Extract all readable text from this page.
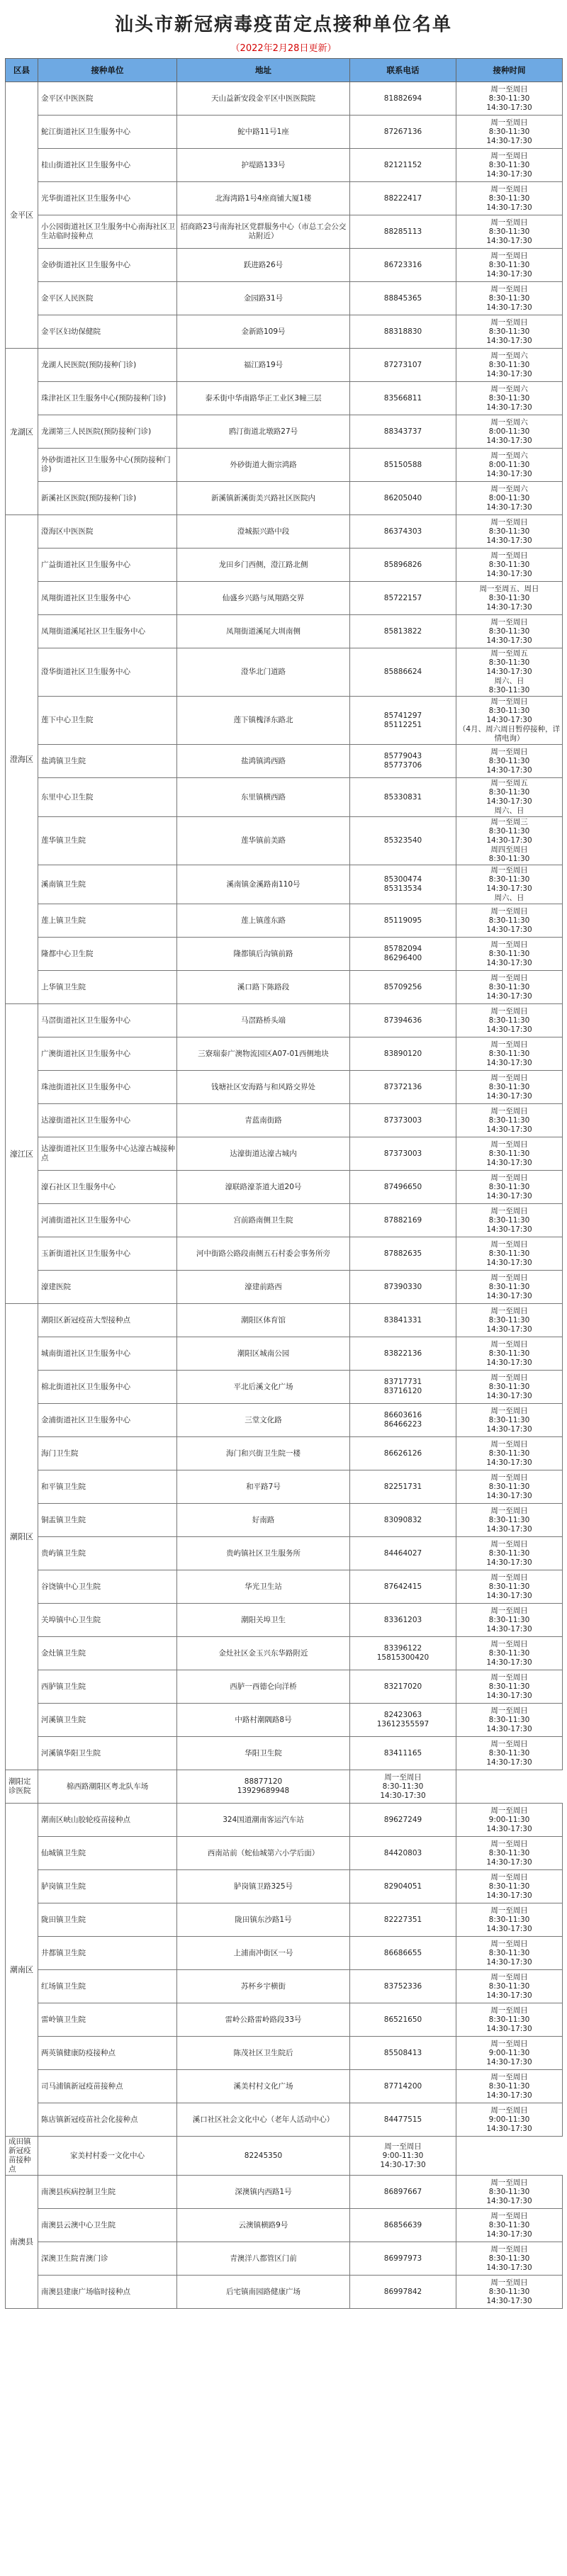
汕头市新冠病毒疫苗定点接种单位名单
（2022年2月28日更新）
区县	接种单位	地址	联系电话	接种时间
金平区	金平区中医医院	天山益新安段金平区中医医院院	81882694	周一至周日
8:30-11:30
14:30-17:30
	鮀江街道社区卫生服务中心	鮀中路11号1座	87267136	周一至周日
8:30-11:30
14:30-17:30
	桂山街道社区卫生服务中心	护堤路133号	82121152	周一至周日
8:30-11:30
14:30-17:30
	光华街道社区卫生服务中心	北海湾路1号4座商铺大厦1楼	88222417	周一至周日
8:30-11:30
14:30-17:30
	小公园街道社区卫生服务中心南海社区卫生站临时接种点	招商路23号南海社区党群服务中心（市总工会公交站附近）	88285113	周一至周日
8:30-11:30
14:30-17:30
	金砂街道社区卫生服务中心	跃进路26号	86723316	周一至周日
8:30-11:30
14:30-17:30
	金平区人民医院	金园路31号	88845365	周一至周日
8:30-11:30
14:30-17:30
	金平区妇幼保健院	金新路109号	88318830	周一至周日
8:30-11:30
14:30-17:30
龙湖区	龙湖人民医院(预防接种门诊)	福江路19号	87273107	周一至周六
8:30-11:30
14:30-17:30
	珠津社区卫生服务中心(预防接种门诊)	泰禾街中华南路华正工业区3幢三层	83566811	周一至周六
8:30-11:30
14:30-17:30
	龙湖第三人民医院(预防接种门诊)	鸥汀街道北墩路27号	88343737	周一至周六
8:00-11:30
14:30-17:30
	外砂街道社区卫生服务中心(预防接种门诊)	外砂街道大衙宗鸿路	85150588	周一至周六
8:00-11:30
14:30-17:30
	新溪社区医院(预防接种门诊)	新溪镇新溪街美兴路社区医院内	86205040	周一至周六
8:00-11:30
14:30-17:30
澄海区	澄海区中医医院	澄城振兴路中段	86374303	周一至周日
8:30-11:30
14:30-17:30
	广益街道社区卫生服务中心	龙田乡门西侧，澄江路北侧	85896826	周一至周日
8:30-11:30
14:30-17:30
	凤翔街道社区卫生服务中心	仙盛乡兴路与凤翔路交界	85722157	周一至周五、周日
8:30-11:30
14:30-17:30
	凤翔街道溪尾社区卫生服务中心	凤翔街道溪尾大圳南侧	85813822	周一至周日
8:30-11:30
14:30-17:30
	澄华街道社区卫生服务中心	澄华北门道路	85886624	周一至周五
8:30-11:30
14:30-17:30
周六、日
8:30-11:30
	莲下中心卫生院	莲下镇槐泽东路北	85741297
85112251	周一至周日
8:30-11:30
14:30-17:30
（4月、周六周日暂停接种，详情电询）
	盐鸿镇卫生院	盐鸿镇鸿西路	85779043
85773706	周一至周日
8:30-11:30
14:30-17:30
	东里中心卫生院	东里镇横西路	85330831	周一至周五
8:30-11:30
14:30-17:30
周六、日
	莲华镇卫生院	莲华镇前美路	85323540	周一至周三
8:30-11:30
14:30-17:30
周四至周日
8:30-11:30
	溪南镇卫生院	溪南镇金溪路南110号	85300474
85313534	周一至周日
8:30-11:30
14:30-17:30
周六、日
	莲上镇卫生院	莲上镇莲东路	85119095	周一至周日
8:30-11:30
14:30-17:30
	隆都中心卫生院	隆都镇后沟镇前路	85782094
86296400	周一至周日
8:30-11:30
14:30-17:30
	上华镇卫生院	溪口路下陈路段	85709256	周一至周日
8:30-11:30
14:30-17:30
濠江区	马滘街道社区卫生服务中心	马滘路桥头端	87394636	周一至周日
8:30-11:30
14:30-17:30
	广澳街道社区卫生服务中心	三寮瑞泰广澳物流园区A07-01西侧地块	83890120	周一至周日
8:30-11:30
14:30-17:30
	珠池街道社区卫生服务中心	钱塘社区安海路与和风路交界处	87372136	周一至周日
8:30-11:30
14:30-17:30
	达濠街道社区卫生服务中心	青蓝南街路	87373003	周一至周日
8:30-11:30
14:30-17:30
	达濠街道社区卫生服务中心达濠古城接种点	达濠街道达濠古城内	87373003	周一至周日
8:30-11:30
14:30-17:30
	濠石社区卫生服务中心	濠联路濠茶道大道20号	87496650	周一至周日
8:30-11:30
14:30-17:30
	河浦街道社区卫生服务中心	宫前路南侧卫生院	87882169	周一至周日
8:30-11:30
14:30-17:30
	玉新街道社区卫生服务中心	河中街路公路段南侧五石村委会事务所旁	87882635	周一至周日
8:30-11:30
14:30-17:30
	濠建医院	濠建前路西	87390330	周一至周日
8:30-11:30
14:30-17:30
潮阳区	潮阳区新冠疫苗大型接种点	潮阳区体育馆	83841331	周一至周日
8:30-11:30
14:30-17:30
	城南街道社区卫生服务中心	潮阳区城南公园	83822136	周一至周日
8:30-11:30
14:30-17:30
	棉北街道社区卫生服务中心	平北后溪文化广场	83717731
83716120	周一至周日
8:30-11:30
14:30-17:30
	金浦街道社区卫生服务中心	三堂文化路	86603616
86466223	周一至周日
8:30-11:30
14:30-17:30
	海门卫生院	海门和兴街卫生院一楼	86626126	周一至周日
8:30-11:30
14:30-17:30
	和平镇卫生院	和平路7号	82251731	周一至周日
8:30-11:30
14:30-17:30
	铜盂镇卫生院	好南路	83090832	周一至周日
8:30-11:30
14:30-17:30
	贵屿镇卫生院	贵屿镇社区卫生服务所	84464027	周一至周日
8:30-11:30
14:30-17:30
	谷饶镇中心卫生院	华光卫生站	87642415	周一至周日
8:30-11:30
14:30-17:30
	关埠镇中心卫生院	潮阳关埠卫生	83361203	周一至周日
8:30-11:30
14:30-17:30
	金灶镇卫生院	金灶社区金玉兴东华路附近	83396122
15815300420	周一至周日
8:30-11:30
14:30-17:30
	西胪镇卫生院	西胪一西德仑向洋桥	83217020	周一至周日
8:30-11:30
14:30-17:30
	河溪镇卫生院	中路村潮隅路8号	82423063
13612355597	周一至周日
8:30-11:30
14:30-17:30
	河溪镇华阳卫生院	华阳卫生院	83411165	周一至周日
8:30-11:30
14:30-17:30
潮阳定诊医院	棉西路潮阳区粤北队车场	88877120
13929689948	周一至周日
8:30-11:30
14:30-17:30	
潮南区	潮南区峡山胶轮疫苗接种点	324国道潮南客运汽车站	89627249	周一至周日
9:00-11:30
14:30-17:30
	仙城镇卫生院	西南站前（蛇仙城第六小学后面）	84420803	周一至周日
8:30-11:30
14:30-17:30
	胪岗镇卫生院	胪岗镇卫路325号	82904051	周一至周日
8:30-11:30
14:30-17:30
	陇田镇卫生院	陇田镇东沙路1号	82227351	周一至周日
8:30-11:30
14:30-17:30
	井都镇卫生院	上浦南冲街区一号	86686655	周一至周日
8:30-11:30
14:30-17:30
	红场镇卫生院	苏杯乡宇横街	83752336	周一至周日
8:30-11:30
14:30-17:30
	雷岭镇卫生院	雷岭公路雷岭路段33号	86521650	周一至周日
8:30-11:30
14:30-17:30
	两英镇健康防疫接种点	陈茂社区卫生院后	85508413	周一至周日
9:00-11:30
14:30-17:30
	司马浦镇新冠疫苗接种点	溪美村村文化广场	87714200	周一至周日
8:30-11:30
14:30-17:30
	陈店镇新冠疫苗社会化接种点	溪口社区社会文化中心（老年人活动中心）	84477515	周一至周日
9:00-11:30
14:30-17:30
成田镇新冠疫苗接种点	家美村村委一文化中心	82245350	周一至周日
9:00-11:30
14:30-17:30	
南澳县	南澳县疾病控制卫生院	深澳镇内西路1号	86897667	周一至周日
8:30-11:30
14:30-17:30
	南澳县云澳中心卫生院	云澳镇横路9号	86856639	周一至周日
8:30-11:30
14:30-17:30
	深澳卫生院青澳门诊	青澳洋八都管区门前	86997973	周一至周日
8:30-11:30
14:30-17:30
	南澳县建康广场临时接种点	后宅镇南园路健康广场	86997842	周一至周日
8:30-11:30
14:30-17:30
